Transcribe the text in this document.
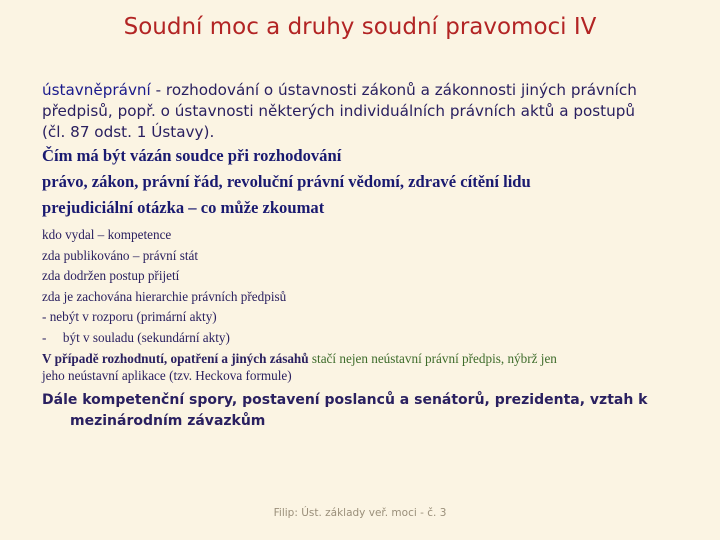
Soudní moc a druhy soudní pravomoci IV

ústavněprávní - rozhodování o ústavnosti zákonů a zákonnosti jiných právních
předpisů, popř. o ústavnosti některých individuálních právních aktů a postupů
(čl. 87 odst. 1 Ústavy).

Čím má být vázán soudce při rozhodování

právo, zákon, právní řád, revoluční právní vědomí, zdravé cítění lidu

prejudiciální otázka – co může zkoumat

kdo vydal – kompetence

zda publikováno – právní stát

zda dodržen postup přijetí

zda je zachována hierarchie právních předpisů

- nebýt v rozporu (primární akty)

-     být v souladu (sekundární akty)

V případě rozhodnutí, opatření a jiných zásahů stačí nejen neústavní právní předpis, nýbrž jen
jeho neústavní aplikace (tzv. Heckova formule)

Dále kompetenční spory, postavení poslanců a senátorů, prezidenta, vztah k
mezinárodním závazkům

Filip: Úst. základy veř. moci - č. 3
